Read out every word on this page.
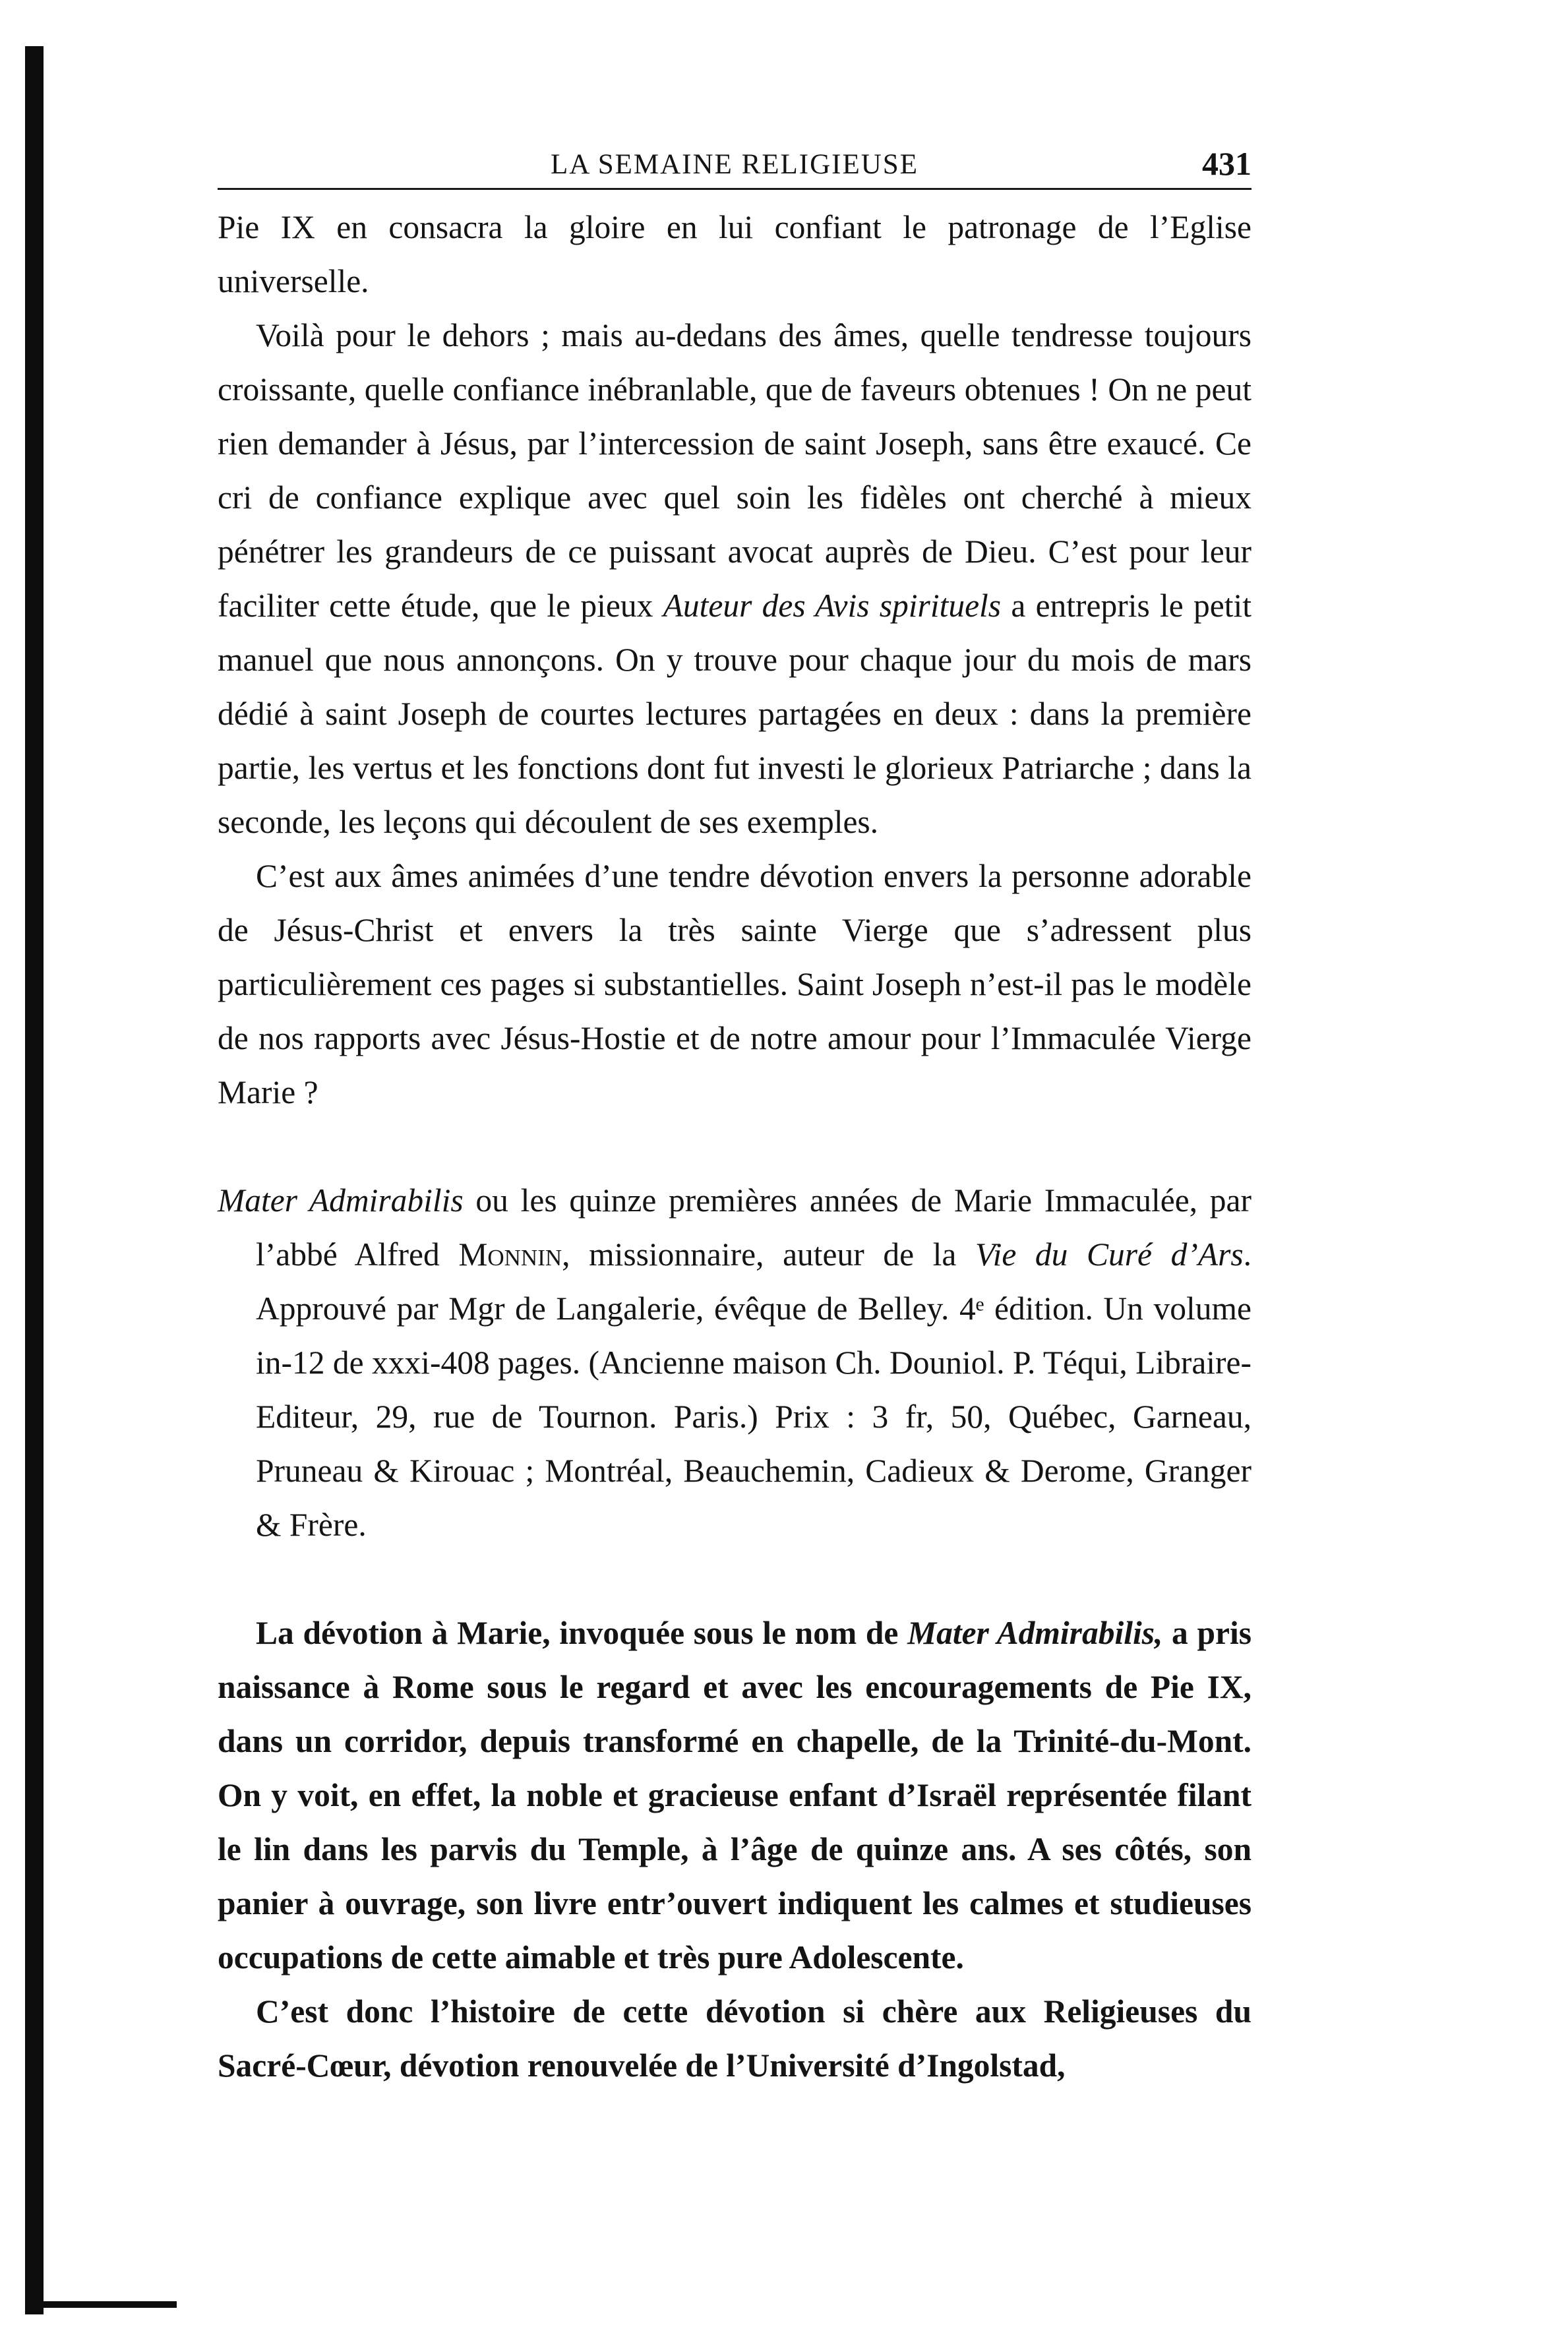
LA SEMAINE RELIGIEUSE	431

Pie IX en consacra la gloire en lui confiant le patronage de l’Eglise universelle.

Voilà pour le dehors ; mais au-dedans des âmes, quelle tendresse toujours croissante, quelle confiance inébranlable, que de faveurs obtenues ! On ne peut rien demander à Jésus, par l’intercession de saint Joseph, sans être exaucé. Ce cri de confiance explique avec quel soin les fidèles ont cherché à mieux pénétrer les grandeurs de ce puissant avocat auprès de Dieu. C’est pour leur faciliter cette étude, que le pieux Auteur des Avis spirituels a entrepris le petit manuel que nous annonçons. On y trouve pour chaque jour du mois de mars dédié à saint Joseph de courtes lectures partagées en deux : dans la première partie, les vertus et les fonctions dont fut investi le glorieux Patriarche ; dans la seconde, les leçons qui découlent de ses exemples.

C’est aux âmes animées d’une tendre dévotion envers la personne adorable de Jésus-Christ et envers la très sainte Vierge que s’adressent plus particulièrement ces pages si substantielles. Saint Joseph n’est-il pas le modèle de nos rapports avec Jésus-Hostie et de notre amour pour l’Immaculée Vierge Marie ?

Mater Admirabilis ou les quinze premières années de Marie Immaculée, par l’abbé Alfred Monnin, missionnaire, auteur de la Vie du Curé d’Ars. Approuvé par Mgr de Langalerie, évêque de Belley. 4ᵉ édition. Un volume in-12 de xxxi-408 pages. (Ancienne maison Ch. Douniol. P. Téqui, Libraire-Editeur, 29, rue de Tournon. Paris.) Prix : 3 fr, 50, Québec, Garneau, Pruneau & Kirouac ; Montréal, Beauchemin, Cadieux & Derome, Granger & Frère.

La dévotion à Marie, invoquée sous le nom de Mater Admirabilis, a pris naissance à Rome sous le regard et avec les encouragements de Pie IX, dans un corridor, depuis transformé en chapelle, de la Trinité-du-Mont. On y voit, en effet, la noble et gracieuse enfant d’Israël représentée filant le lin dans les parvis du Temple, à l’âge de quinze ans. A ses côtés, son panier à ouvrage, son livre entr’ouvert indiquent les calmes et studieuses occupations de cette aimable et très pure Adolescente.

C’est donc l’histoire de cette dévotion si chère aux Religieuses du Sacré-Cœur, dévotion renouvelée de l’Université d’Ingolstad,
